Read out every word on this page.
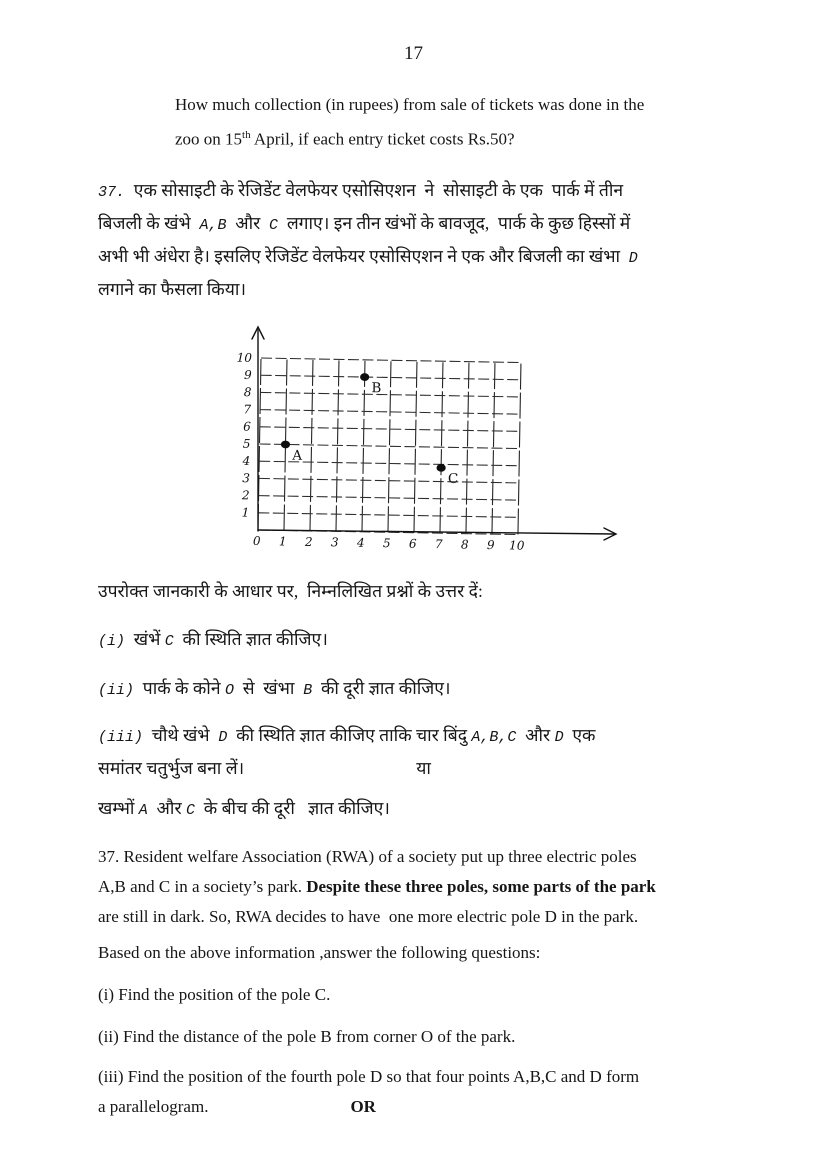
17
How much collection (in rupees) from sale of tickets was done in the
zoo on 15th April, if each entry ticket costs Rs.50?
37.  एक सोसाइटी के रेजिडेंट वेलफेयर एसोसिएशन  ने  सोसाइटी के एक  पार्क में तीन
बिजली के खंभे  A,B  और  C  लगाए। इन तीन खंभों के बावजूद,  पार्क के कुछ हिस्सों में
अभी भी अंधेरा है। इसलिए रेजिडेंट वेलफेयर एसोसिएशन ने एक और बिजली का खंभा  D
लगाने का फैसला किया।
0 1 2 3 4 5 6 7 8 9 10
1
2
3
4
5
6
7
8
9
10
A
B
C
उपरोक्त जानकारी के आधार पर,  निम्नलिखित प्रश्नों के उत्तर दें:
(i)  खंभें C  की स्थिति ज्ञात कीजिए।
(ii)  पार्क के कोने O  से  खंभा  B  की दूरी ज्ञात कीजिए।
(iii)  चौथे खंभे  D  की स्थिति ज्ञात कीजिए ताकि चार बिंदु A,B,C  और D  एक
समांतर चतुर्भुज बना लें।	या
खम्भों A  और C  के बीच की दूरी   ज्ञात कीजिए।
37. Resident welfare Association (RWA) of a society put up three electric poles
A,B and C in a society’s park. Despite these three poles, some parts of the park
are still in dark. So, RWA decides to have  one more electric pole D in the park.
Based on the above information ,answer the following questions:
(i) Find the position of the pole C.
(ii) Find the distance of the pole B from corner O of the park.
(iii) Find the position of the fourth pole D so that four points A,B,C and D form
a parallelogram.	OR
